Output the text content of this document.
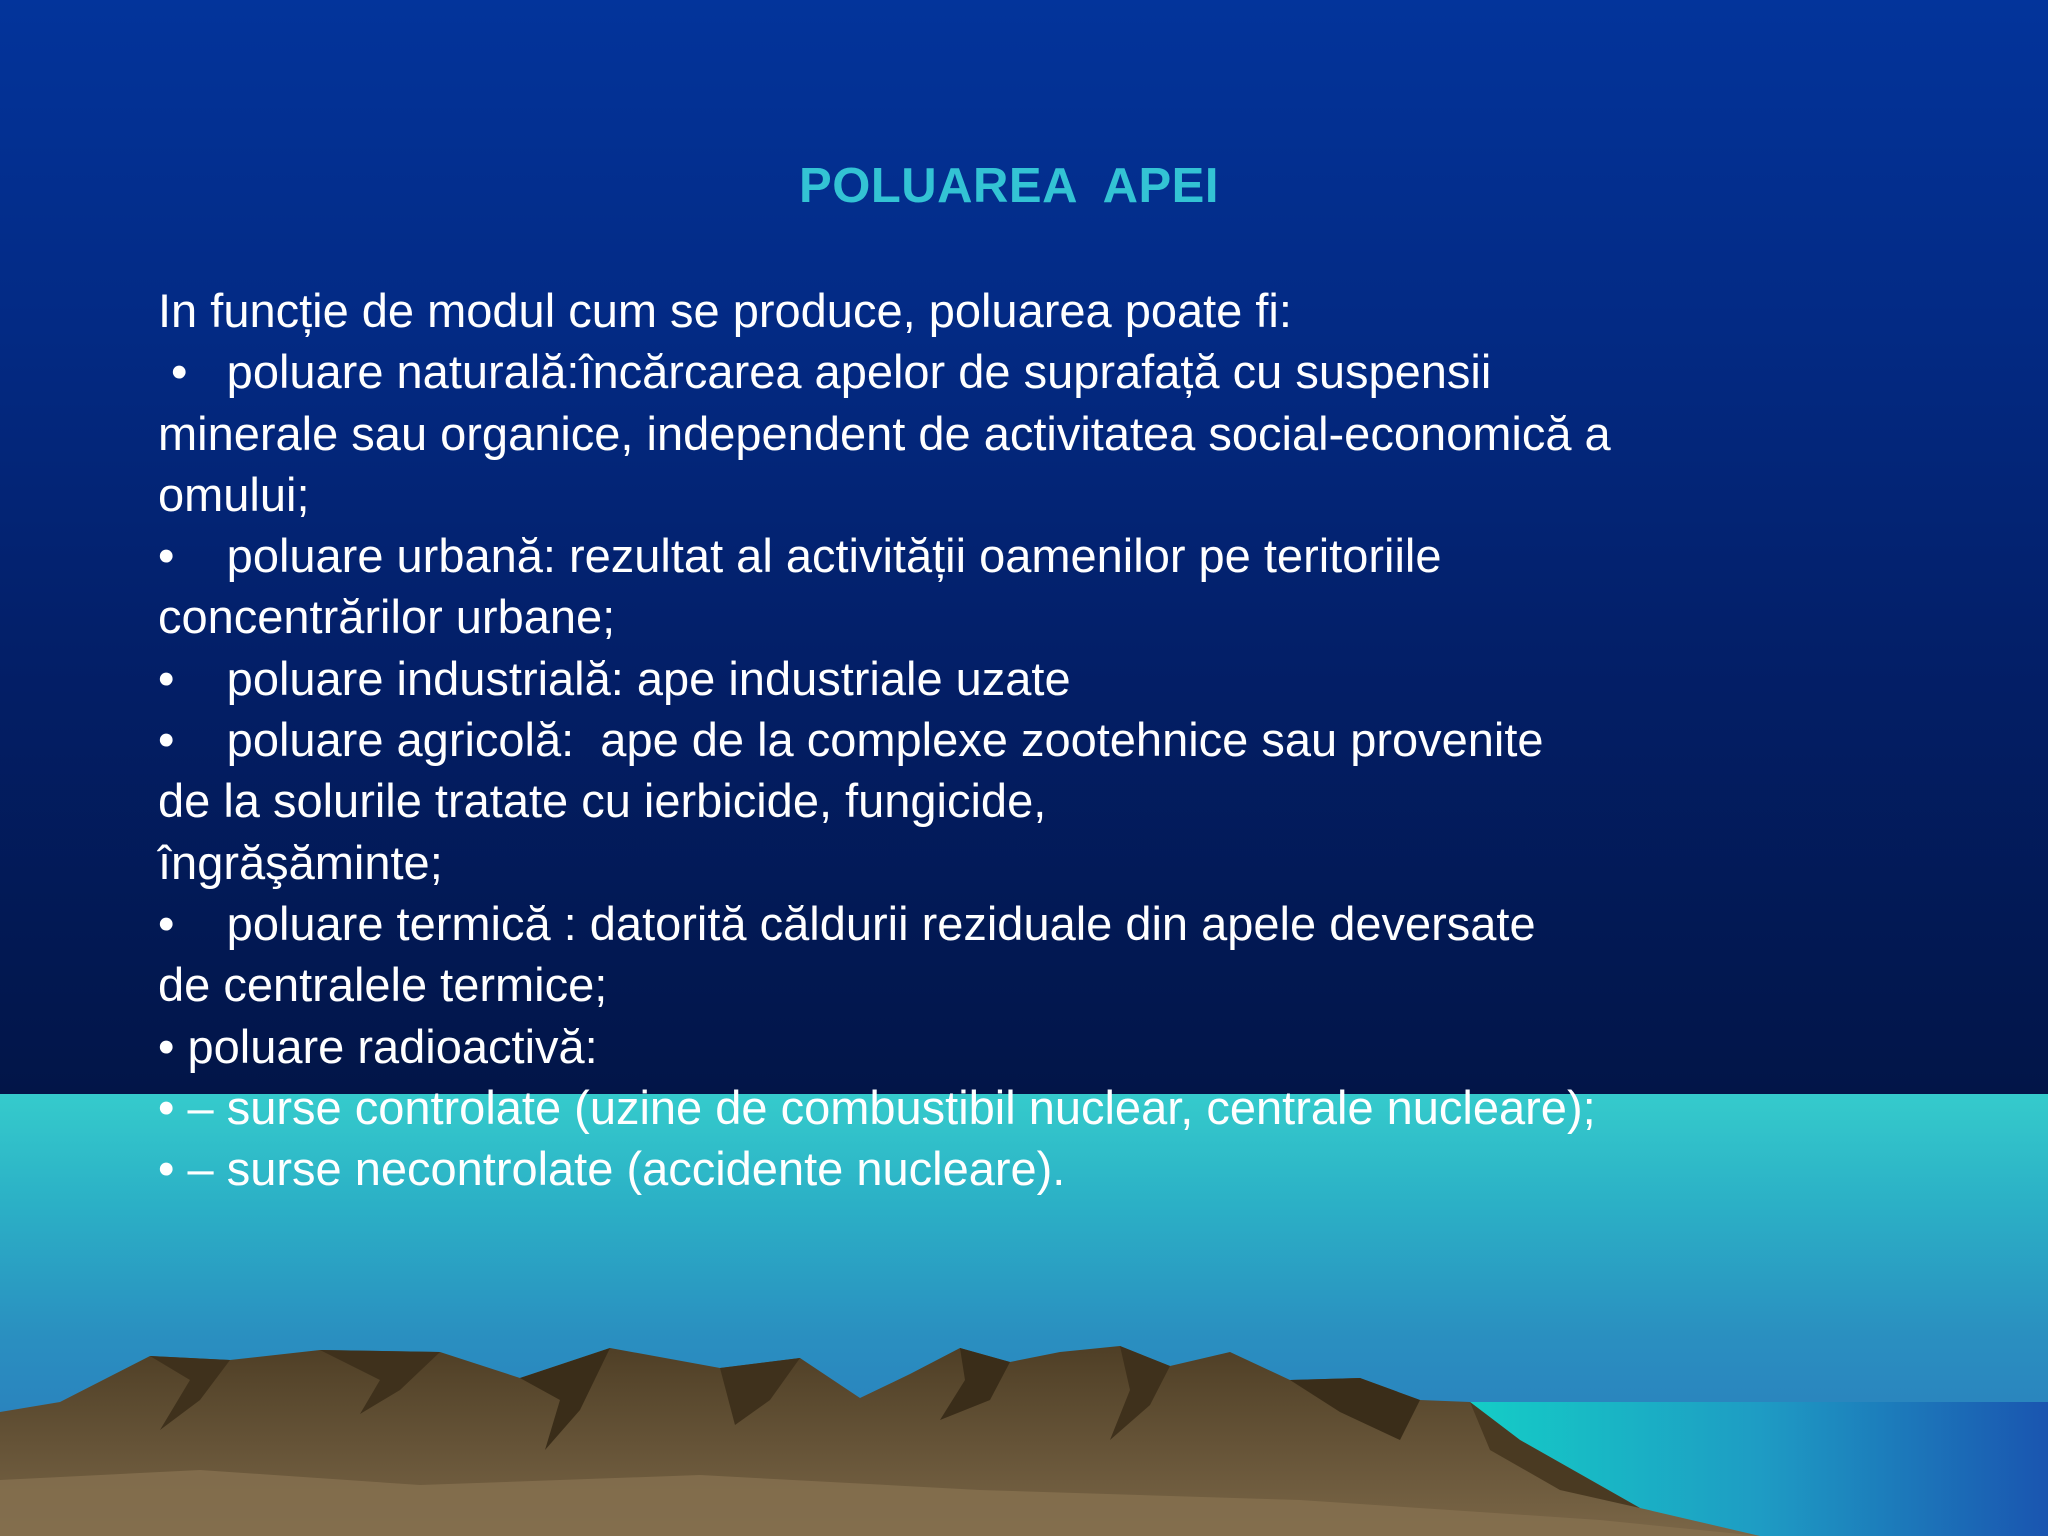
POLUAREA  APEI
In funcție de modul cum se produce, poluarea poate fi:
•   poluare naturală:încărcarea apelor de suprafață cu suspensii
minerale sau organice, independent de activitatea social-economică a
omului;
•    poluare urbană: rezultat al activității oamenilor pe teritoriile
concentrărilor urbane;
•    poluare industrială: ape industriale uzate
•    poluare agricolă:  ape de la complexe zootehnice sau provenite
de la solurile tratate cu ierbicide, fungicide,
îngrăşăminte;
•    poluare termică : datorită căldurii reziduale din apele deversate
de centralele termice;
• poluare radioactivă:
• – surse controlate (uzine de combustibil nuclear, centrale nucleare);
• – surse necontrolate (accidente nucleare).
